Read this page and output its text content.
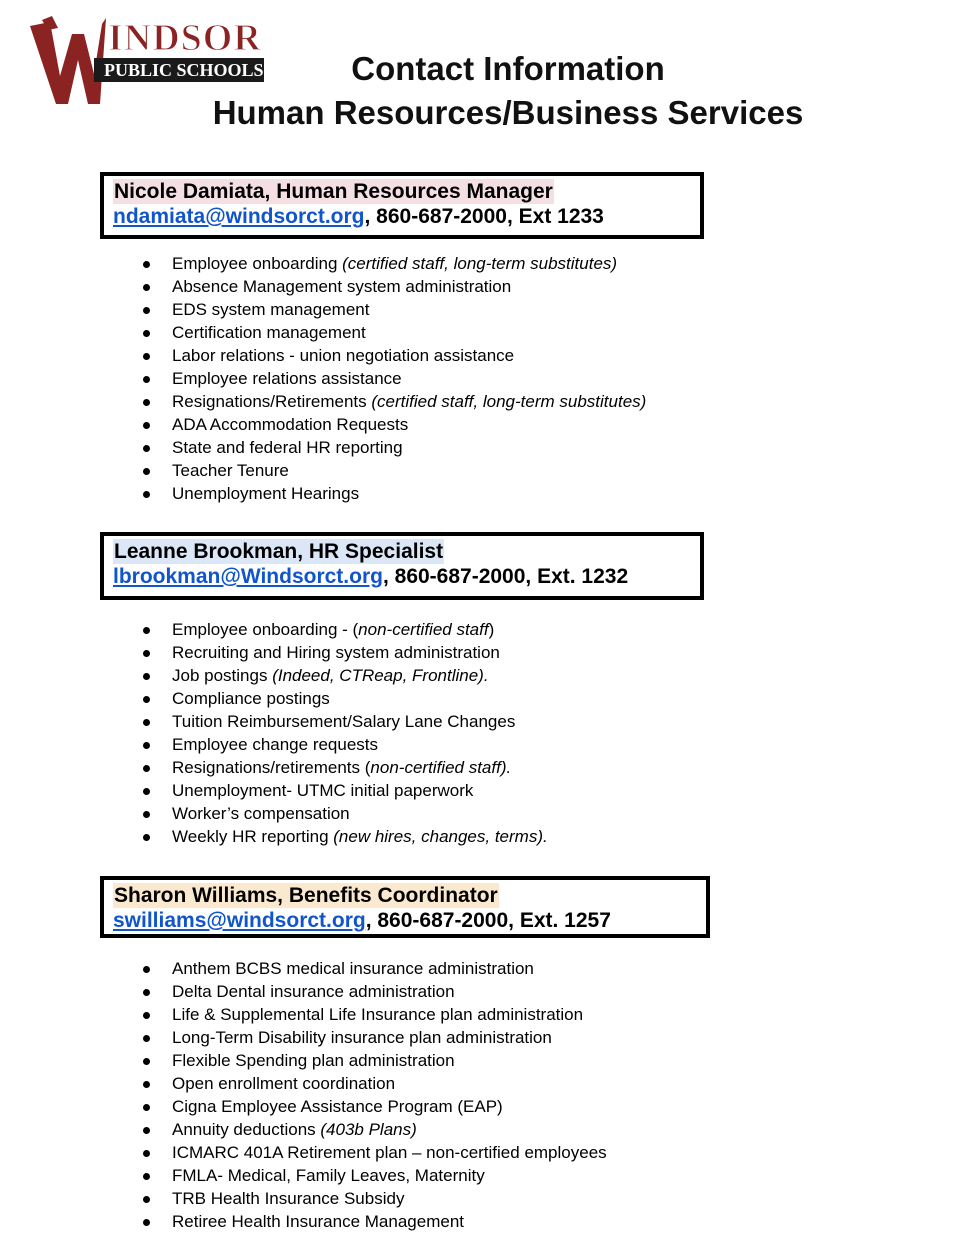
INDSOR
PUBLIC SCHOOLS	Contact Information
Human Resources/Business Services
Nicole Damiata, Human Resources Manager
ndamiata@windsorct.org, 860-687-2000, Ext 1233
Employee onboarding (certified staff, long-term substitutes)
Absence Management system administration
EDS system management
Certification management
Labor relations - union negotiation assistance
Employee relations assistance
Resignations/Retirements (certified staff, long-term substitutes)
ADA Accommodation Requests
State and federal HR reporting
Teacher Tenure
Unemployment Hearings
Leanne Brookman, HR Specialist
lbrookman@Windsorct.org, 860-687-2000, Ext. 1232
Employee onboarding - (non-certified staff)
Recruiting and Hiring system administration
Job postings (Indeed, CTReap, Frontline).
Compliance postings
Tuition Reimbursement/Salary Lane Changes
Employee change requests
Resignations/retirements (non-certified staff).
Unemployment- UTMC initial paperwork
Worker’s compensation
Weekly HR reporting (new hires, changes, terms).
Sharon Williams, Benefits Coordinator
swilliams@windsorct.org, 860-687-2000, Ext. 1257
Anthem BCBS medical insurance administration
Delta Dental insurance administration
Life & Supplemental Life Insurance plan administration
Long-Term Disability insurance plan administration
Flexible Spending plan administration
Open enrollment coordination
Cigna Employee Assistance Program (EAP)
Annuity deductions (403b Plans)
ICMARC 401A Retirement plan – non-certified employees
FMLA- Medical, Family Leaves, Maternity
TRB Health Insurance Subsidy
Retiree Health Insurance Management
